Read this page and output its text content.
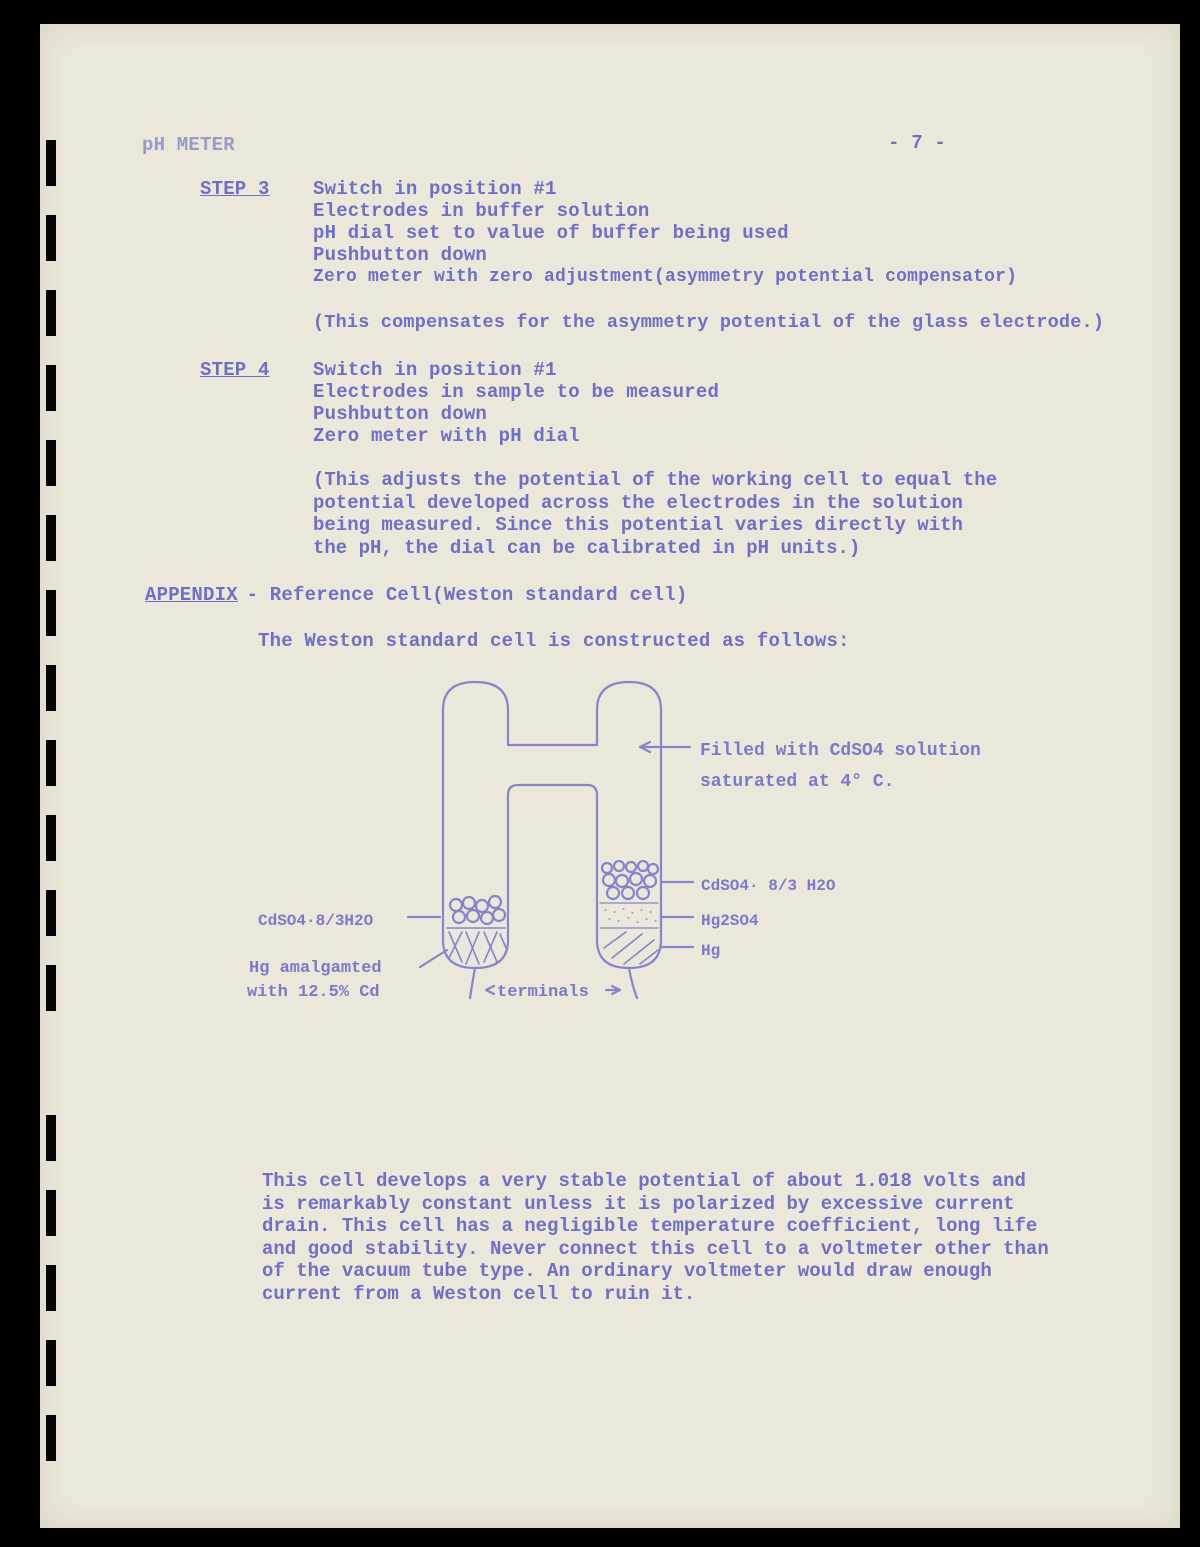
pH METER	- 7 -
STEP 3 Switch in position #1
Electrodes in buffer solution
pH dial set to value of buffer being used
Pushbutton down
Zero meter with zero adjustment(asymmetry potential compensator)
(This compensates for the asymmetry potential of the glass electrode.)
STEP 4 Switch in position #1
Electrodes in sample to be measured
Pushbutton down
Zero meter with pH dial
(This adjusts the potential of the working cell to equal the
potential developed across the electrodes in the solution
being measured. Since this potential varies directly with
the pH, the dial can be calibrated in pH units.)
APPENDIX
- Reference Cell(Weston standard cell)
The Weston standard cell is constructed as follows:
Filled with CdSO4 solution
saturated at 4° C.
CdSO4· 8/3 H2O
Hg2SO4
Hg
CdSO4·8/3H2O
Hg amalgamted
with 12.5% Cd	terminals
This cell develops a very stable potential of about 1.018 volts and
is remarkably constant unless it is polarized by excessive current
drain. This cell has a negligible temperature coefficient, long life
and good stability. Never connect this cell to a voltmeter other than
of the vacuum tube type. An ordinary voltmeter would draw enough
current from a Weston cell to ruin it.
